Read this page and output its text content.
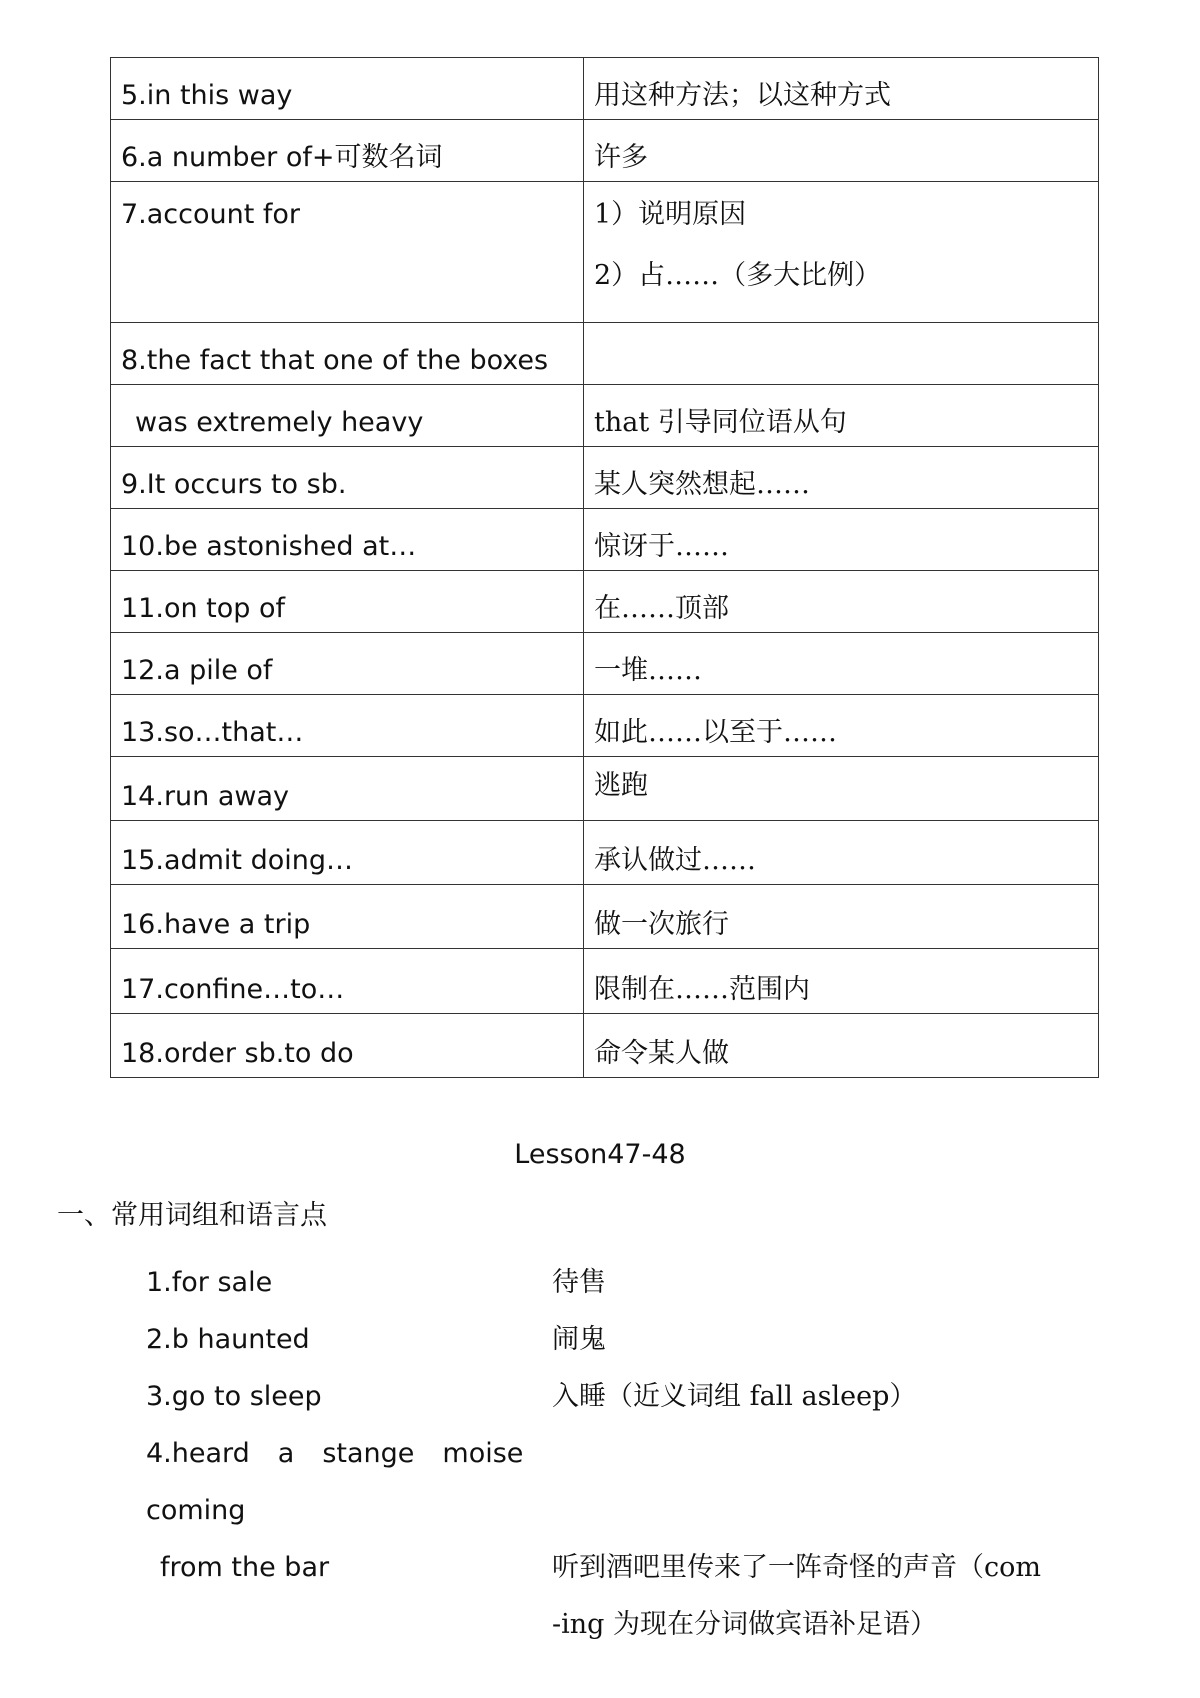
5.in this way	用这种方法；以这种方式
6.a number of+可数名词	许多
7.account for	1）说明原因
2）占……（多大比例）

8.the fact that one of the boxes	
was extremely heavy	that 引导同位语从句
9.It occurs to sb.	某人突然想起……
10.be astonished at…	惊讶于……
11.on top of	在……顶部
12.a pile of	一堆……
13.so…that…	如此……以至于……
14.run away	逃跑
15.admit doing…	承认做过……
16.have a trip	做一次旅行
17.confine…to…	限制在……范围内
18.order sb.to do	命令某人做
Lesson47-48
一、常用词组和语言点
1.for sale	待售
2.b haunted	闹鬼
3.go to sleep	入睡（近义词组 fall asleep）
4.heard a stange moise
coming
from the bar	听到酒吧里传来了一阵奇怪的声音（com
-ing 为现在分词做宾语补足语）
